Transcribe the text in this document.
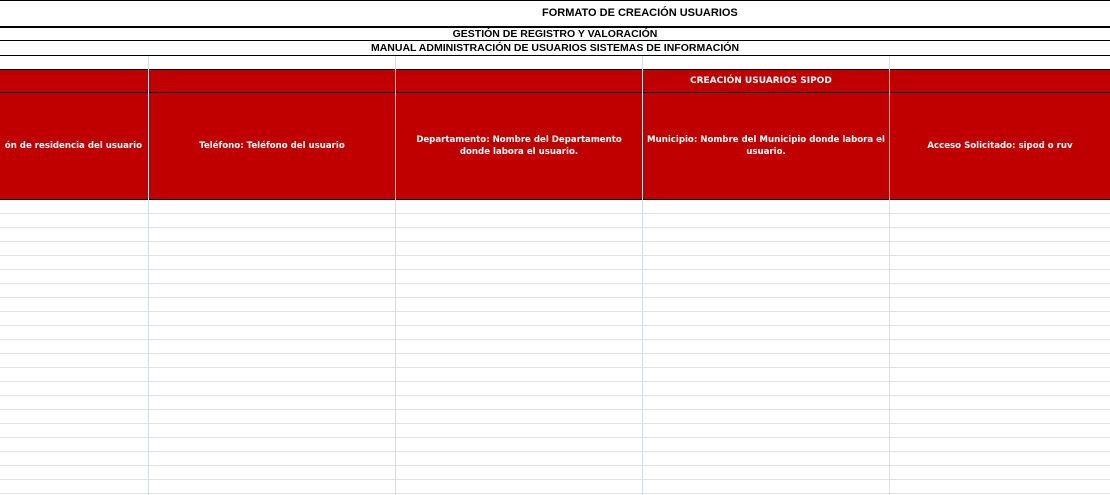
FORMATO DE CREACIÓN USUARIOS
GESTIÓN DE REGISTRO Y VALORACIÓN
MANUAL ADMINISTRACIÓN DE USUARIOS SISTEMAS DE INFORMACIÓN
CREACIÓN USUARIOS SIPOD
ón de residencia del usuario	Teléfono: Teléfono del usuario
Departamento: Nombre del Departamento donde labora el usuario.
Municipio: Nombre del Municipio donde labora el usuario.
Acceso Solicitado: sipod o ruv
